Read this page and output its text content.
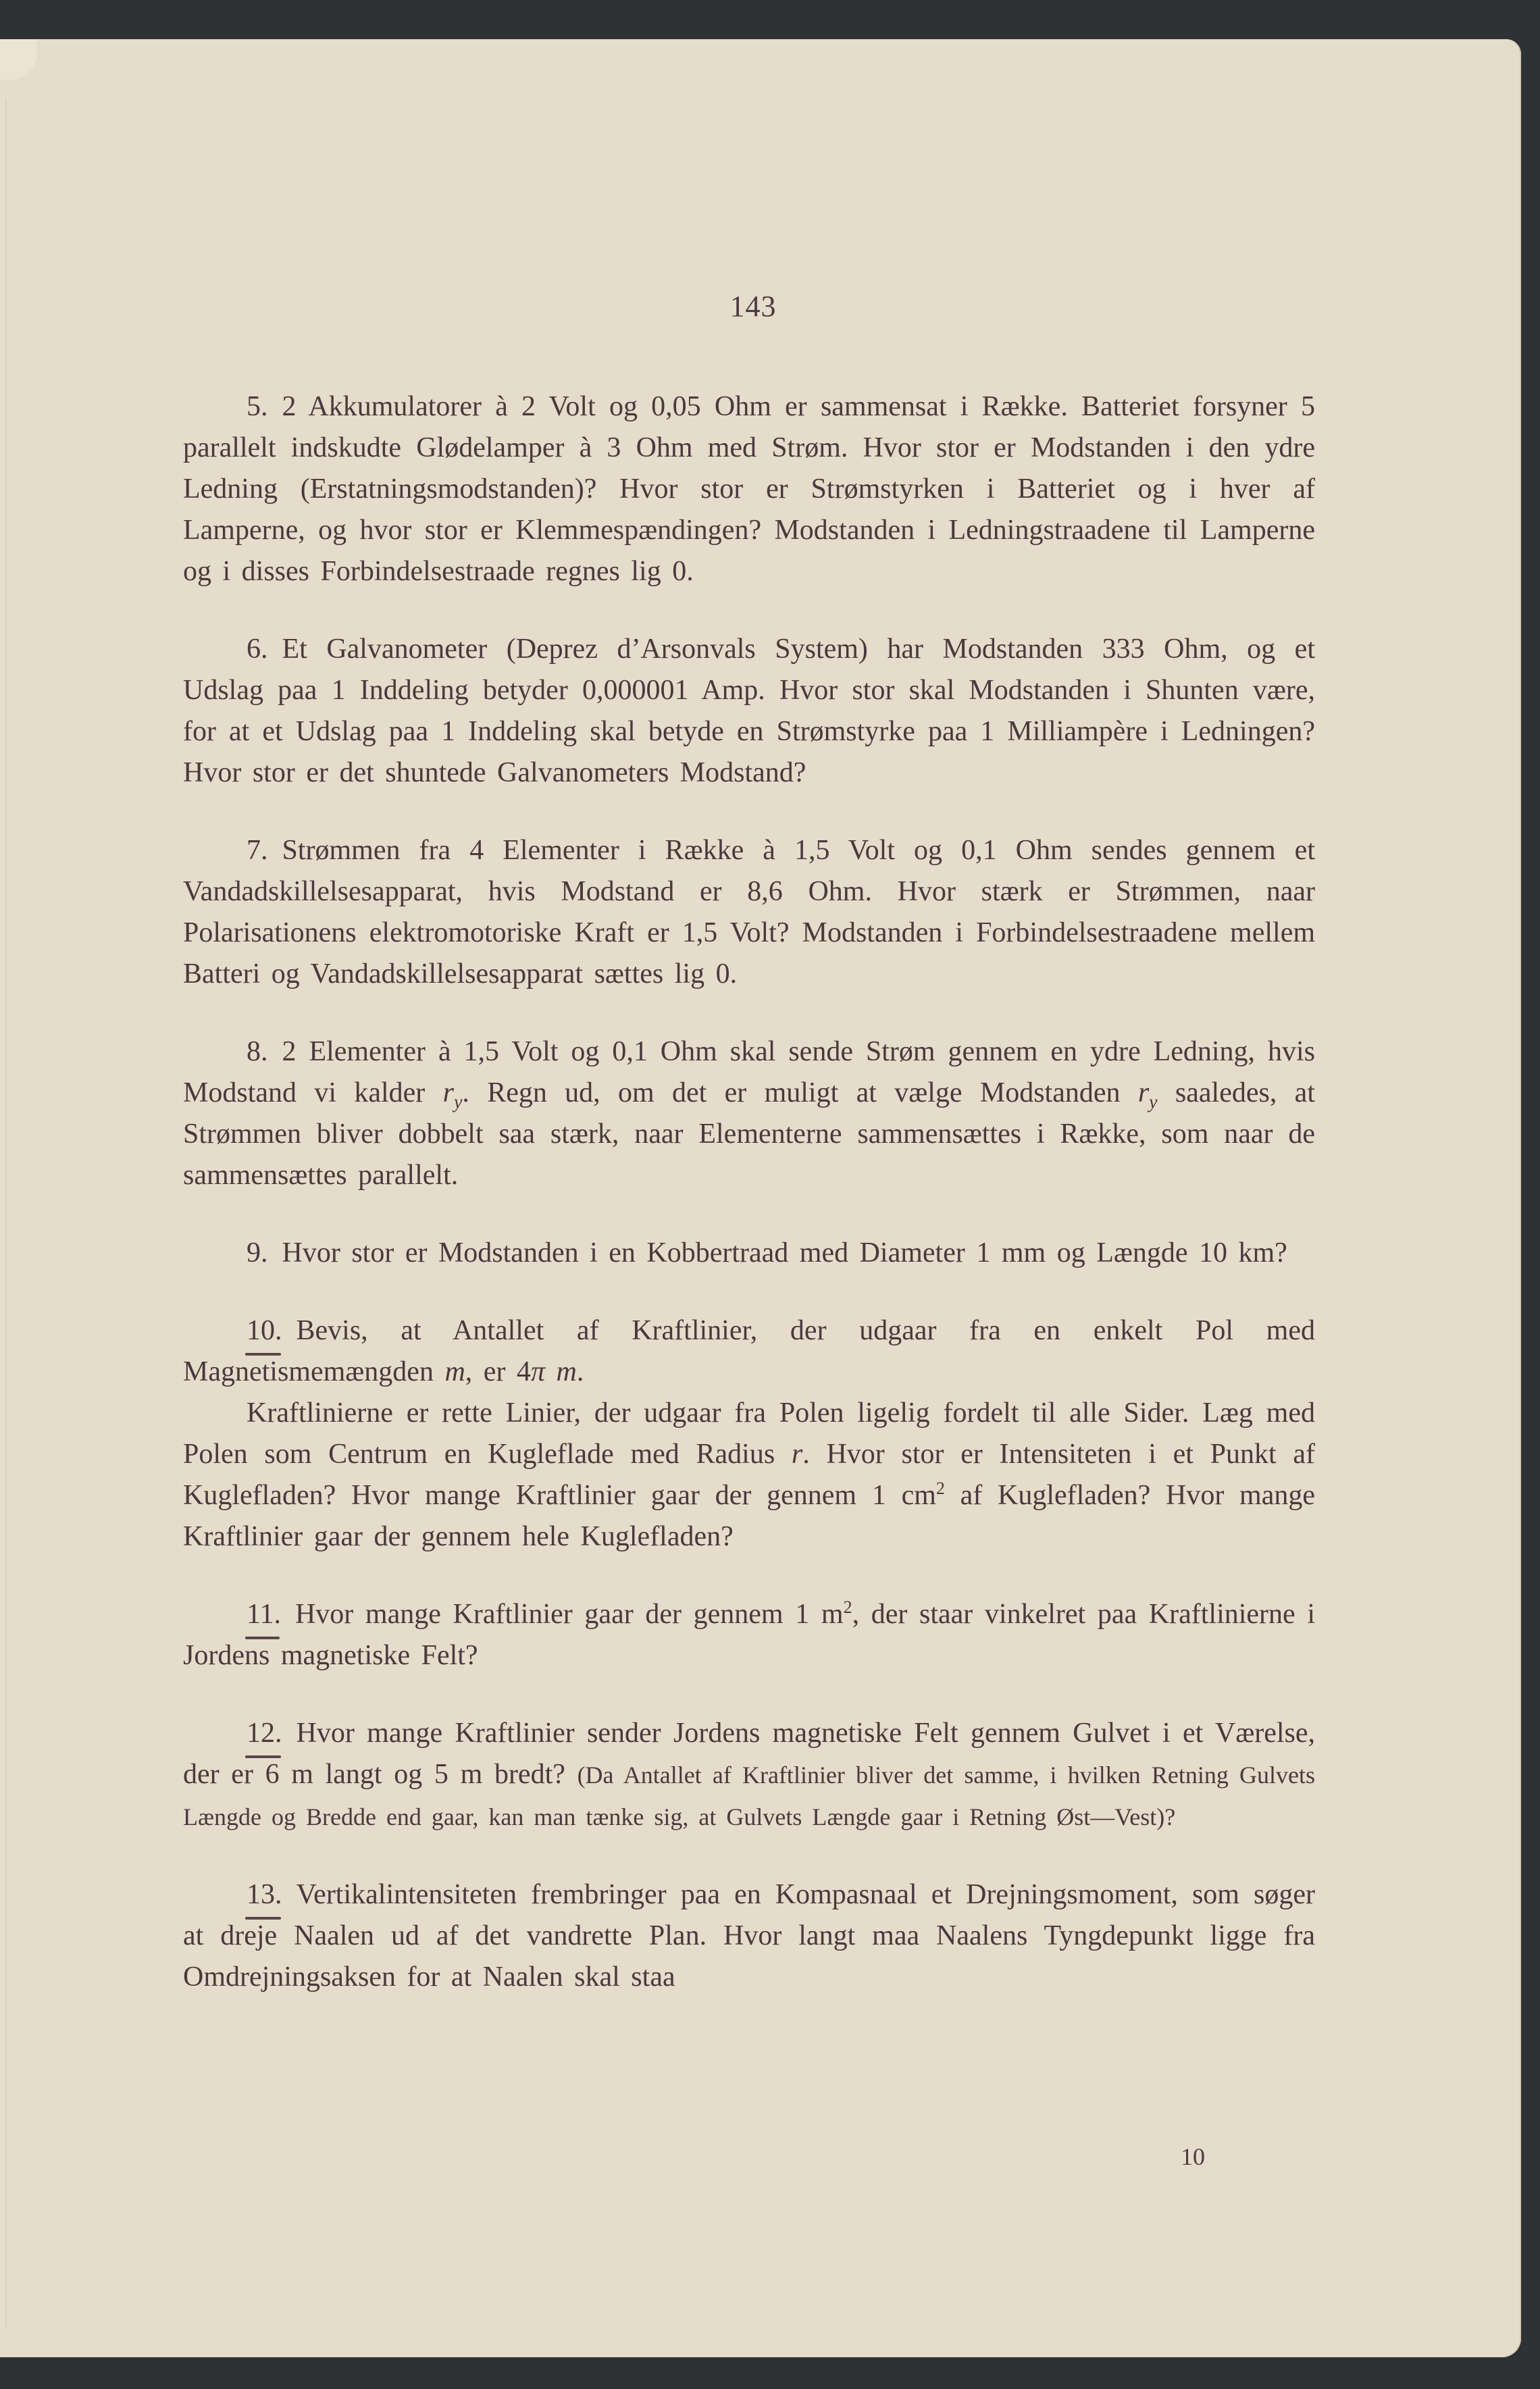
143

5.  2 Akkumulatorer à 2 Volt og 0,05 Ohm er sammensat i Række. Batteriet forsyner 5 parallelt indskudte Glødelamper à 3 Ohm med Strøm. Hvor stor er Modstanden i den ydre Ledning (Erstatningsmodstanden)? Hvor stor er Strømstyrken i Batteriet og i hver af Lamperne, og hvor stor er Klemmespændingen? Modstanden i Ledningstraadene til Lamperne og i disses Forbindelsestraade regnes lig 0.

6.  Et Galvanometer (Deprez d’Arsonvals System) har Modstanden 333 Ohm, og et Udslag paa 1 Inddeling betyder 0,000001 Amp. Hvor stor skal Modstanden i Shunten være, for at et Udslag paa 1 Inddeling skal betyde en Strømstyrke paa 1 Milliampère i Ledningen? Hvor stor er det shuntede Galvanometers Modstand?

7.  Strømmen fra 4 Elementer i Række à 1,5 Volt og 0,1 Ohm sendes gennem et Vandadskillelsesapparat, hvis Modstand er 8,6 Ohm. Hvor stærk er Strømmen, naar Polarisationens elektromotoriske Kraft er 1,5 Volt? Modstanden i Forbindelsestraadene mellem Batteri og Vandadskillelsesapparat sættes lig 0.

8.  2 Elementer à 1,5 Volt og 0,1 Ohm skal sende Strøm gennem en ydre Ledning, hvis Modstand vi kalder $r_y$. Regn ud, om det er muligt at vælge Modstanden $r_y$ saaledes, at Strømmen bliver dobbelt saa stærk, naar Elementerne sammensættes i Række, som naar de sammensættes parallelt.

9.  Hvor stor er Modstanden i en Kobbertraad med Diameter 1 mm og Længde 10 km?

10.  Bevis, at Antallet af Kraftlinier, der udgaar fra en enkelt Pol med Magnetismemængden m, er 4π m.

Kraftlinierne er rette Linier, der udgaar fra Polen ligelig fordelt til alle Sider. Læg med Polen som Centrum en Kugleflade med Radius r. Hvor stor er Intensiteten i et Punkt af Kuglefladen? Hvor mange Kraftlinier gaar der gennem 1 $cm^2$ af Kuglefladen? Hvor mange Kraftlinier gaar der gennem hele Kuglefladen?

11.  Hvor mange Kraftlinier gaar der gennem 1 $m^2$, der staar vinkelret paa Kraftlinierne i Jordens magnetiske Felt?

12.  Hvor mange Kraftlinier sender Jordens magnetiske Felt gennem Gulvet i et Værelse, der er 6 m langt og 5 m bredt? (Da Antallet af Kraftlinier bliver det samme, i hvilken Retning Gulvets Længde og Bredde end gaar, kan man tænke sig, at Gulvets Længde gaar i Retning Øst—Vest)?

13.  Vertikalintensiteten frembringer paa en Kompasnaal et Drejningsmoment, som søger at dreje Naalen ud af det vandrette Plan. Hvor langt maa Naalens Tyngdepunkt ligge fra Omdrejningsaksen for at Naalen skal staa

10
